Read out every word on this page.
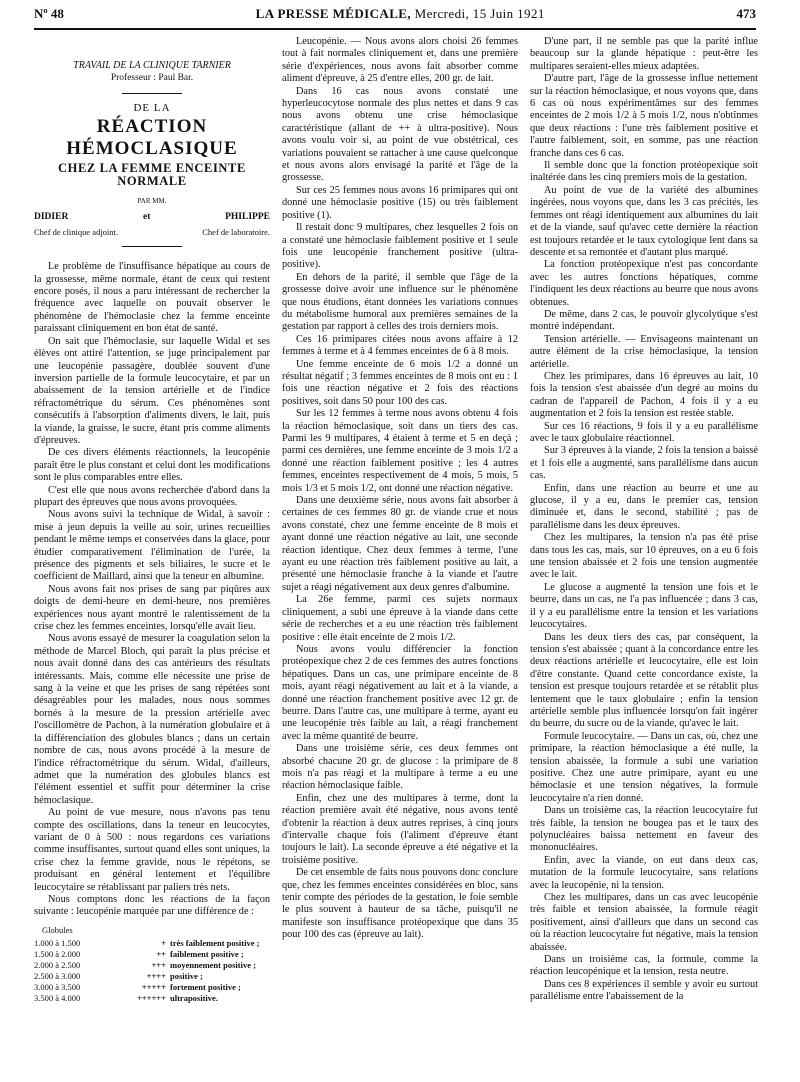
Nº 48	LA PRESSE MÉDICALE, Mercredi, 15 Juin 1921	473
TRAVAIL DE LA CLINIQUE TARNIER
Professeur : Paul Bar.
DE LA
RÉACTION HÉMOCLASIQUE
CHEZ LA FEMME ENCEINTE NORMALE
PAR MM.
DIDIER	et	PHILIPPE
Chef de clinique adjoint.	Chef de laboratoire.

Le problème de l'insuffisance hépatique au cours de la grossesse, même normale, étant de ceux qui restent encore posés, il nous a paru intéressant de rechercher la fréquence avec laquelle on pouvait observer le phénomène de l'hémoclasie chez la femme enceinte paraissant cliniquement en bon état de santé.

On sait que l'hémoclasie, sur laquelle Widal et ses élèves ont attiré l'attention, se juge principalement par une leucopénie passagère, doublée souvent d'une inversion partielle de la formule leucocytaire, et par un abaissement de la tension artérielle et de l'indice réfractométrique du sérum. Ces phénomènes sont consécutifs à l'absorption d'aliments divers, le lait, puis la viande, la graisse, le sucre, étant pris comme aliments d'épreuves.

De ces divers éléments réactionnels, la leucopénie paraît être le plus constant et celui dont les modifications sont le plus comparables entre elles.

C'est elle que nous avons recherchée d'abord dans la plupart des épreuves que nous avons provoquées.

Nous avons suivi la technique de Widal, à savoir : mise à jeun depuis la veille au soir, urines recueillies pendant le même temps et conservées dans la glace, pour étudier comparativement l'élimination de l'urée, la présence des pigments et sels biliaires, le sucre et le coefficient de Maillard, ainsi que la teneur en albumine.

Nous avons fait nos prises de sang par piqûres aux doigts de demi-heure en demi-heure, nos premières expériences nous ayant montré le ralentissement de la crise chez les femmes enceintes, lorsqu'elle avait lieu.

Nous avons essayé de mesurer la coagulation selon la méthode de Marcel Bloch, qui paraît la plus précise et nous avait donné dans des cas antérieurs des résultats intéressants. Mais, comme elle nécessite une prise de sang à la veine et que les prises de sang répétées sont désagréables pour les malades, nous nous sommes bornés à la mesure de la pression artérielle avec l'oscillomètre de Pachon, à la numération globulaire et à la différenciation des globules blancs ; dans un certain nombre de cas, nous avons procédé à la mesure de l'indice réfractométrique du sérum. Widal, d'ailleurs, admet que la numération des globules blancs est l'élément essentiel et suffit pour déterminer la crise hémoclasique.

Au point de vue mesure, nous n'avons pas tenu compte des oscillations, dans la teneur en leucocytes, variant de 0 à 500 : nous regardons ces variations comme insuffisantes, surtout quand elles sont uniques, la crise chez la femme gravide, nous le répétons, se produisant en général lentement et l'équilibre leucocytaire se rétablissant par paliers très nets.

Nous comptons donc les réactions de la façon suivante : leucopénie marquée par une différence de :

Globules
1.000 à 1.500	+ très faiblement positive ;
1.500 à 2.000	++ faiblement positive ;
2.000 à 2.500	+++ moyennement positive ;
2.500 à 3.000	++++ positive ;
3.000 à 3.500	+++++ fortement positive ;
3.500 à 4.000	++++++ ultrapositive.

Leucopénie. — Nous avons alors choisi 26 femmes tout à fait normales cliniquement et, dans une première série d'expériences, nous avons fait absorber comme aliment d'épreuve, à 25 d'entre elles, 200 gr. de lait.

Dans 16 cas nous avons constaté une hyperleucocytose normale des plus nettes et dans 9 cas nous avons obtenu une crise hémoclasique caractéristique (allant de ++ à ultra-positive). Nous avons voulu voir si, au point de vue obstétrical, ces variations pouvaient se rattacher à une cause quelconque et nous avons alors envisagé la parité et l'âge de la grossesse.

Sur ces 25 femmes nous avons 16 primipares qui ont donné une hémoclasie positive (15) ou très faiblement positive (1).

Il restait donc 9 multipares, chez lesquelles 2 fois on a constaté une hémoclasie faiblement positive et 1 seule fois une leucopénie franchement positive (ultra-positive).

En dehors de la parité, il semble que l'âge de la grossesse doive avoir une influence sur le phénomène que nous étudions, étant données les variations connues du métabolisme humoral aux premières semaines de la gestation par rapport à celles des trois derniers mois.

Ces 16 primipares citées nous avons affaire à 12 femmes à terme et à 4 femmes enceintes de 6 à 8 mois.

Une femme enceinte de 6 mois 1/2 a donné un résultat négatif ; 3 femmes enceintes de 8 mois ont eu : 1 fois une réaction négative et 2 fois des réactions positives, soit dans 50 pour 100 des cas.

Sur les 12 femmes à terme nous avons obtenu 4 fois la réaction hémoclasique, soit dans un tiers des cas. Parmi les 9 multipares, 4 étaient à terme et 5 en deçà ; parmi ces dernières, une femme enceinte de 3 mois 1/2 a donné une réaction faiblement positive ; les 4 autres femmes, enceintes respectivement de 4 mois, 5 mois, 5 mois 1/3 et 5 mois 1/2, ont donné une réaction négative.

Dans une deuxième série, nous avons fait absorber à certaines de ces femmes 80 gr. de viande crue et nous avons constaté, chez une femme enceinte de 8 mois et ayant donné une réaction négative au lait, une seconde réaction identique. Chez deux femmes à terme, l'une ayant eu une réaction très faiblement positive au lait, a présenté une hémoclasie franche à la viande et l'autre sujet a réagi négativement aux deux genres d'albumine.

La 26e femme, parmi ces sujets normaux cliniquement, a subi une épreuve à la viande dans cette série de recherches et a eu une réaction très faiblement positive : elle était enceinte de 2 mois 1/2.

Nous avons voulu différencier la fonction protéopexique chez 2 de ces femmes des autres fonctions hépatiques. Dans un cas, une primipare enceinte de 8 mois, ayant réagi négativement au lait et à la viande, a donné une réaction franchement positive avec 12 gr. de beurre. Dans l'autre cas, une multipare à terme, ayant eu une leucopénie très faible au lait, a réagi franchement avec la même quantité de beurre.

Dans une troisième série, ces deux femmes ont absorbé chacune 20 gr. de glucose : la primipare de 8 mois n'a pas réagi et la multipare à terme a eu une réaction hémoclasique faible.

Enfin, chez une des multipares à terme, dont la réaction première avait été négative, nous avons tenté d'obtenir la réaction à deux autres reprises, à cinq jours d'intervalle chaque fois (l'aliment d'épreuve étant toujours le lait). La seconde épreuve a été négative et la troisième positive.

De cet ensemble de faits nous pouvons donc conclure que, chez les femmes enceintes considérées en bloc, sans tenir compte des périodes de la gestation, le foie semble le plus souvent à hauteur de sa tâche, puisqu'il ne manifeste son insuffisance protéopexique que dans 35 pour 100 des cas (épreuve au lait).

D'une part, il ne semble pas que la parité influe beaucoup sur la glande hépatique : peut-être les multipares seraient-elles mieux adaptées.

D'autre part, l'âge de la grossesse influe nettement sur la réaction hémoclasique, et nous voyons que, dans 6 cas où nous expérimentâmes sur des femmes enceintes de 2 mois 1/2 à 5 mois 1/2, nous n'obtînmes que deux réactions : l'une très faiblement positive et l'autre faiblement, soit, en somme, pas une réaction franche dans ces 6 cas.

Il semble donc que la fonction protéopexique soit inaltérée dans les cinq premiers mois de la gestation.

Au point de vue de la variété des albumines ingérées, nous voyons que, dans les 3 cas précités, les femmes ont réagi identiquement aux albumines du lait et de la viande, sauf qu'avec cette dernière la réaction est toujours retardée et le taux cytologique lent dans sa descente et sa remontée et d'autant plus marqué.

La fonction protéopexique n'est pas concordante avec les autres fonctions hépatiques, comme l'indiquent les deux réactions au beurre que nous avons obtenues.

De même, dans 2 cas, le pouvoir glycolytique s'est montré indépendant.

Tension artérielle. — Envisageons maintenant un autre élément de la crise hémoclasique, la tension artérielle.

Chez les primipares, dans 16 épreuves au lait, 10 fois la tension s'est abaissée d'un degré au moins du cadran de l'appareil de Pachon, 4 fois il y a eu augmentation et 2 fois la tension est restée stable.

Sur ces 16 réactions, 9 fois il y a eu parallélisme avec le taux globulaire réactionnel.

Sur 3 épreuves à la viande, 2 fois la tension a baissé et 1 fois elle a augmenté, sans parallélisme dans aucun cas.

Enfin, dans une réaction au beurre et une au glucose, il y a eu, dans le premier cas, tension diminuée et, dans le second, stabilité ; pas de parallélisme dans les deux épreuves.

Chez les multipares, la tension n'a pas été prise dans tous les cas, mais, sur 10 épreuves, on a eu 6 fois une tension abaissée et 2 fois une tension augmentée avec le lait.

Le glucose a augmenté la tension une fois et le beurre, dans un cas, ne l'a pas influencée ; dans 3 cas, il y a eu parallélisme entre la tension et les variations leucocytaires.

Dans les deux tiers des cas, par conséquent, la tension s'est abaissée ; quant à la concordance entre les deux réactions artérielle et leucocytaire, elle est loin d'être constante. Quand cette concordance existe, la tension est presque toujours retardée et se rétablit plus lentement que le taux globulaire ; enfin la tension artérielle semble plus influencée lorsqu'on fait ingérer du beurre, du sucre ou de la viande, qu'avec le lait.

Formule leucocytaire. — Dans un cas, où, chez une primipare, la réaction hémoclasique a été nulle, la tension abaissée, la formule a subi une variation positive. Chez une autre primipare, ayant eu une hémoclasie et une tension négatives, la formule leucocytaire n'a rien donné.

Dans un troisième cas, la réaction leucocytaire fut très faible, la tension ne bougea pas et le taux des polynucléaires baissa nettement en faveur des mononucléaires.

Enfin, avec la viande, on eut dans deux cas, mutation de la formule leucocytaire, sans relations avec la leucopénie, ni la tension.

Chez les multipares, dans un cas avec leucopénie très faible et tension abaissée, la formule réagit positivement, ainsi d'ailleurs que dans un second cas où la réaction leucocytaire fut négative, mais la tension abaissée.

Dans un troisième cas, la formule, comme la réaction leucopénique et la tension, resta neutre.

Dans ces 8 expériences il semble y avoir eu surtout parallélisme entre l'abaissement de la
